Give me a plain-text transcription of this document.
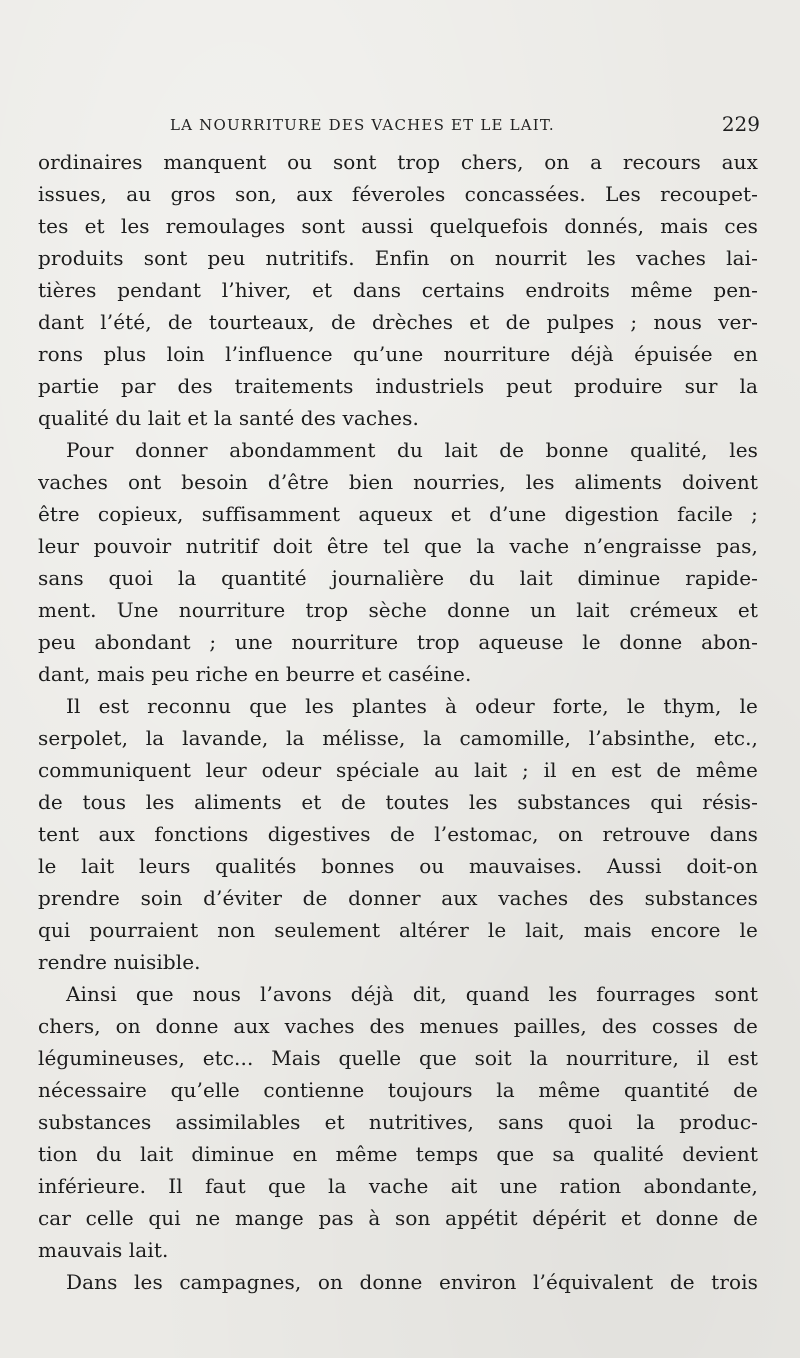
LA NOURRITURE DES VACHES ET LE LAIT.	229
ordinaires manquent ou sont trop chers, on a recours aux
issues, au gros son, aux féveroles concassées. Les recoupet-
tes et les remoulages sont aussi quelquefois donnés, mais ces
produits sont peu nutritifs. Enfin on nourrit les vaches lai-
tières pendant l’hiver, et dans certains endroits même pen-
dant l’été, de tourteaux, de drèches et de pulpes ; nous ver-
rons plus loin l’influence qu’une nourriture déjà épuisée en
partie par des traitements industriels peut produire sur la
qualité du lait et la santé des vaches.
Pour donner abondamment du lait de bonne qualité, les
vaches ont besoin d’être bien nourries, les aliments doivent
être copieux, suffisamment aqueux et d’une digestion facile ;
leur pouvoir nutritif doit être tel que la vache n’engraisse pas,
sans quoi la quantité journalière du lait diminue rapide-
ment. Une nourriture trop sèche donne un lait crémeux et
peu abondant ; une nourriture trop aqueuse le donne abon-
dant, mais peu riche en beurre et caséine.
Il est reconnu que les plantes à odeur forte, le thym, le
serpolet, la lavande, la mélisse, la camomille, l’absinthe, etc.,
communiquent leur odeur spéciale au lait ; il en est de même
de tous les aliments et de toutes les substances qui résis-
tent aux fonctions digestives de l’estomac, on retrouve dans
le lait leurs qualités bonnes ou mauvaises. Aussi doit-on
prendre soin d’éviter de donner aux vaches des substances
qui pourraient non seulement altérer le lait, mais encore le
rendre nuisible.
Ainsi que nous l’avons déjà dit, quand les fourrages sont
chers, on donne aux vaches des menues pailles, des cosses de
légumineuses, etc... Mais quelle que soit la nourriture, il est
nécessaire qu’elle contienne toujours la même quantité de
substances assimilables et nutritives, sans quoi la produc-
tion du lait diminue en même temps que sa qualité devient
inférieure. Il faut que la vache ait une ration abondante,
car celle qui ne mange pas à son appétit dépérit et donne de
mauvais lait.
Dans les campagnes, on donne environ l’équivalent de trois
